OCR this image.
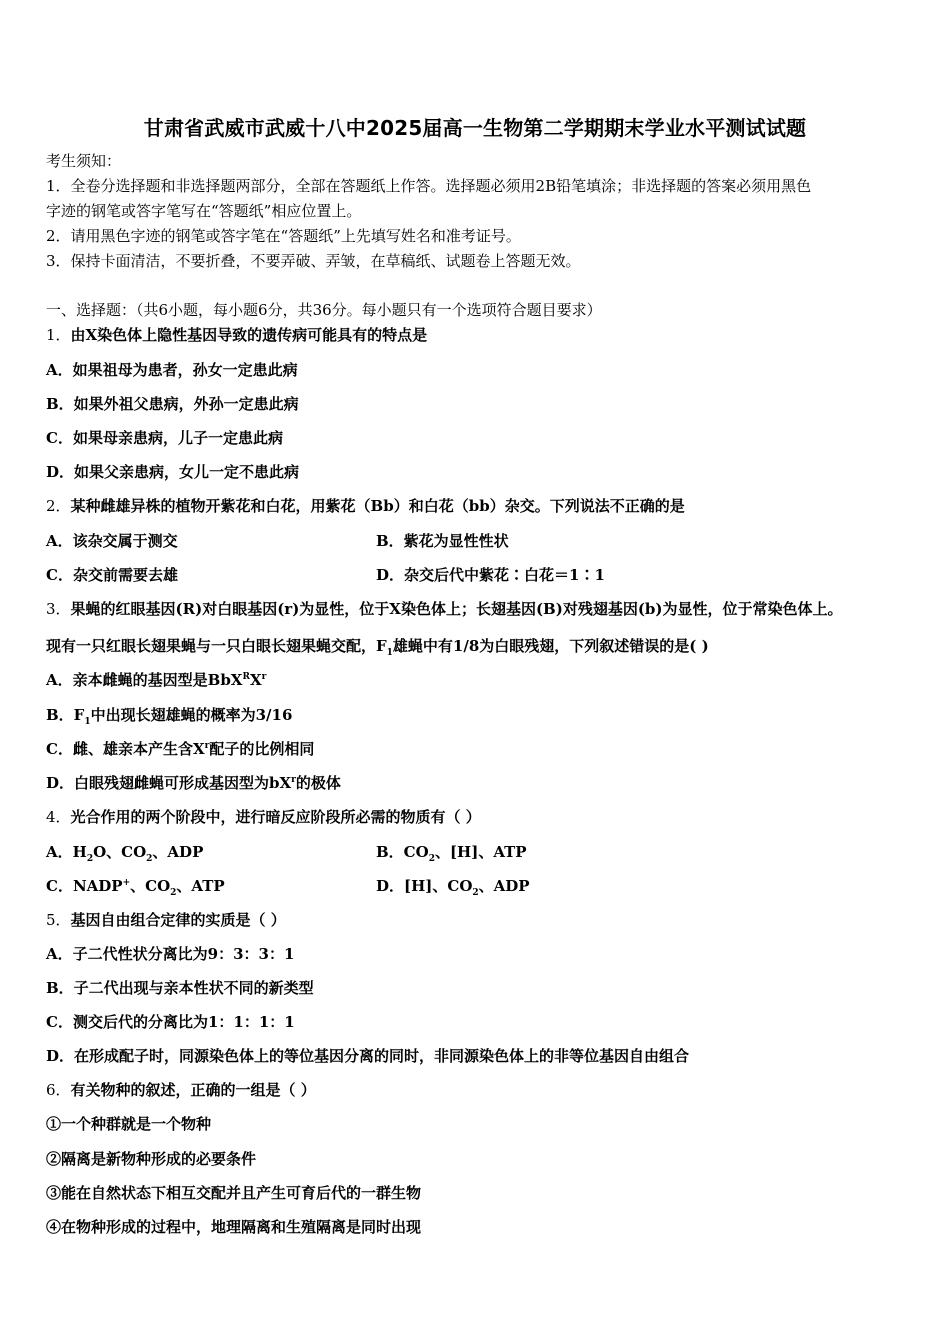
甘肃省武威市武威十八中2025届高一生物第二学期期末学业水平测试试题
考生须知：
1．全卷分选择题和非选择题两部分，全部在答题纸上作答。选择题必须用2B铅笔填涂；非选择题的答案必须用黑色
字迹的钢笔或答字笔写在“答题纸”相应位置上。
2．请用黑色字迹的钢笔或答字笔在“答题纸”上先填写姓名和准考证号。
3．保持卡面清洁，不要折叠，不要弄破、弄皱，在草稿纸、试题卷上答题无效。
一、选择题：（共6小题，每小题6分，共36分。每小题只有一个选项符合题目要求）
1．由X染色体上隐性基因导致的遗传病可能具有的特点是
A．如果祖母为患者，孙女一定患此病
B．如果外祖父患病，外孙一定患此病
C．如果母亲患病，儿子一定患此病
D．如果父亲患病，女儿一定不患此病
2．某种雌雄异株的植物开紫花和白花，用紫花（Bb）和白花（bb）杂交。下列说法不正确的是
A．该杂交属于测交	B．紫花为显性性状
C．杂交前需要去雄	D．杂交后代中紫花∶白花＝1∶1
3．果蝇的红眼基因(R)对白眼基因(r)为显性，位于X染色体上；长翅基因(B)对残翅基因(b)为显性，位于常染色体上。
现有一只红眼长翅果蝇与一只白眼长翅果蝇交配，$F_1$雄蝇中有1/8为白眼残翅，下列叙述错误的是( )
A．亲本雌蝇的基因型是$BbX^RX^r$
B．$F_1$中出现长翅雄蝇的概率为3/16
C．雌、雄亲本产生含$X^r$配子的比例相同
D．白眼残翅雌蝇可形成基因型为$bX^r$的极体
4．光合作用的两个阶段中，进行暗反应阶段所必需的物质有（ ）
A．$H_2O$、$CO_2$、ADP	B．$CO_2$、[H]、ATP
C．NADP+、$CO_2$、ATP	D．[H]、$CO_2$、ADP
5．基因自由组合定律的实质是（ ）
A．子二代性状分离比为9：3：3：1
B．子二代出现与亲本性状不同的新类型
C．测交后代的分离比为1：1：1：1
D．在形成配子时，同源染色体上的等位基因分离的同时，非同源染色体上的非等位基因自由组合
6．有关物种的叙述，正确的一组是（ ）
①一个种群就是一个物种
②隔离是新物种形成的必要条件
③能在自然状态下相互交配并且产生可育后代的一群生物
④在物种形成的过程中，地理隔离和生殖隔离是同时出现
